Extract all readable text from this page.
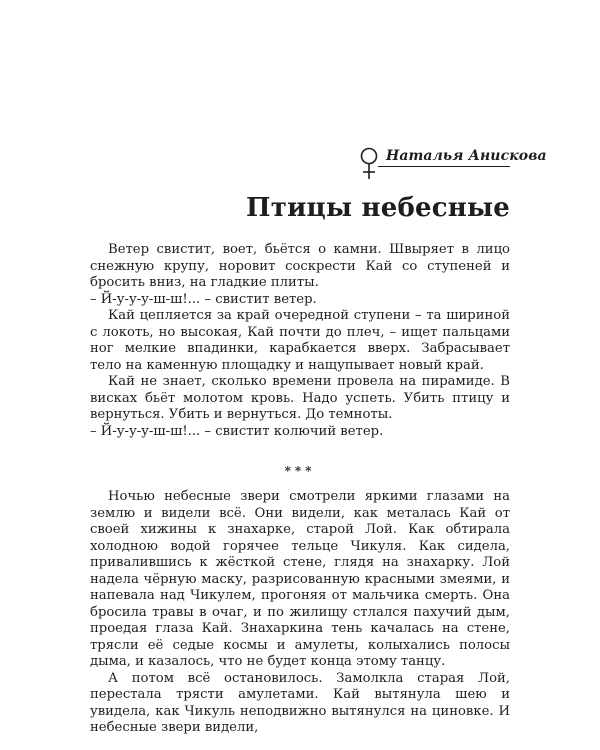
Наталья Анискова
Птицы небесные

Ветер свистит, воет, бьётся о камни. Швыряет в лицо снежную крупу, норовит соскрести Кай со ступеней и бросить вниз, на гладкие плиты.

– Й-у-у-у-ш-ш!... – свистит ветер.

Кай цепляется за край очередной ступени – та шириной с локоть, но высокая, Кай почти до плеч, – ищет пальцами ног мелкие впадинки, карабкается вверх. Забрасывает тело на каменную площадку и нащупывает новый край.

Кай не знает, сколько времени провела на пирамиде. В висках бьёт молотом кровь. Надо успеть. Убить птицу и вернуться. Убить и вернуться. До темноты.

– Й-у-у-у-ш-ш!... – свистит колючий ветер.

***

Ночью небесные звери смотрели яркими глазами на землю и видели всё. Они видели, как металась Кай от своей хижины к знахарке, старой Лой. Как обтирала холодною водой горячее тельце Чикуля. Как сидела, привалившись к жёсткой стене, глядя на знахарку. Лой надела чёрную маску, разрисованную красными змеями, и напевала над Чикулем, прогоняя от мальчика смерть. Она бросила травы в очаг, и по жилищу стлался пахучий дым, проедая глаза Кай. Знахаркина тень качалась на стене, трясли её седые космы и амулеты, колыхались полосы дыма, и казалось, что не будет конца этому танцу.

А потом всё остановилось. Замолкла старая Лой, перестала трясти амулетами. Кай вытянула шею и увидела, как Чикуль неподвижно вытянулся на циновке. И небесные звери видели,
